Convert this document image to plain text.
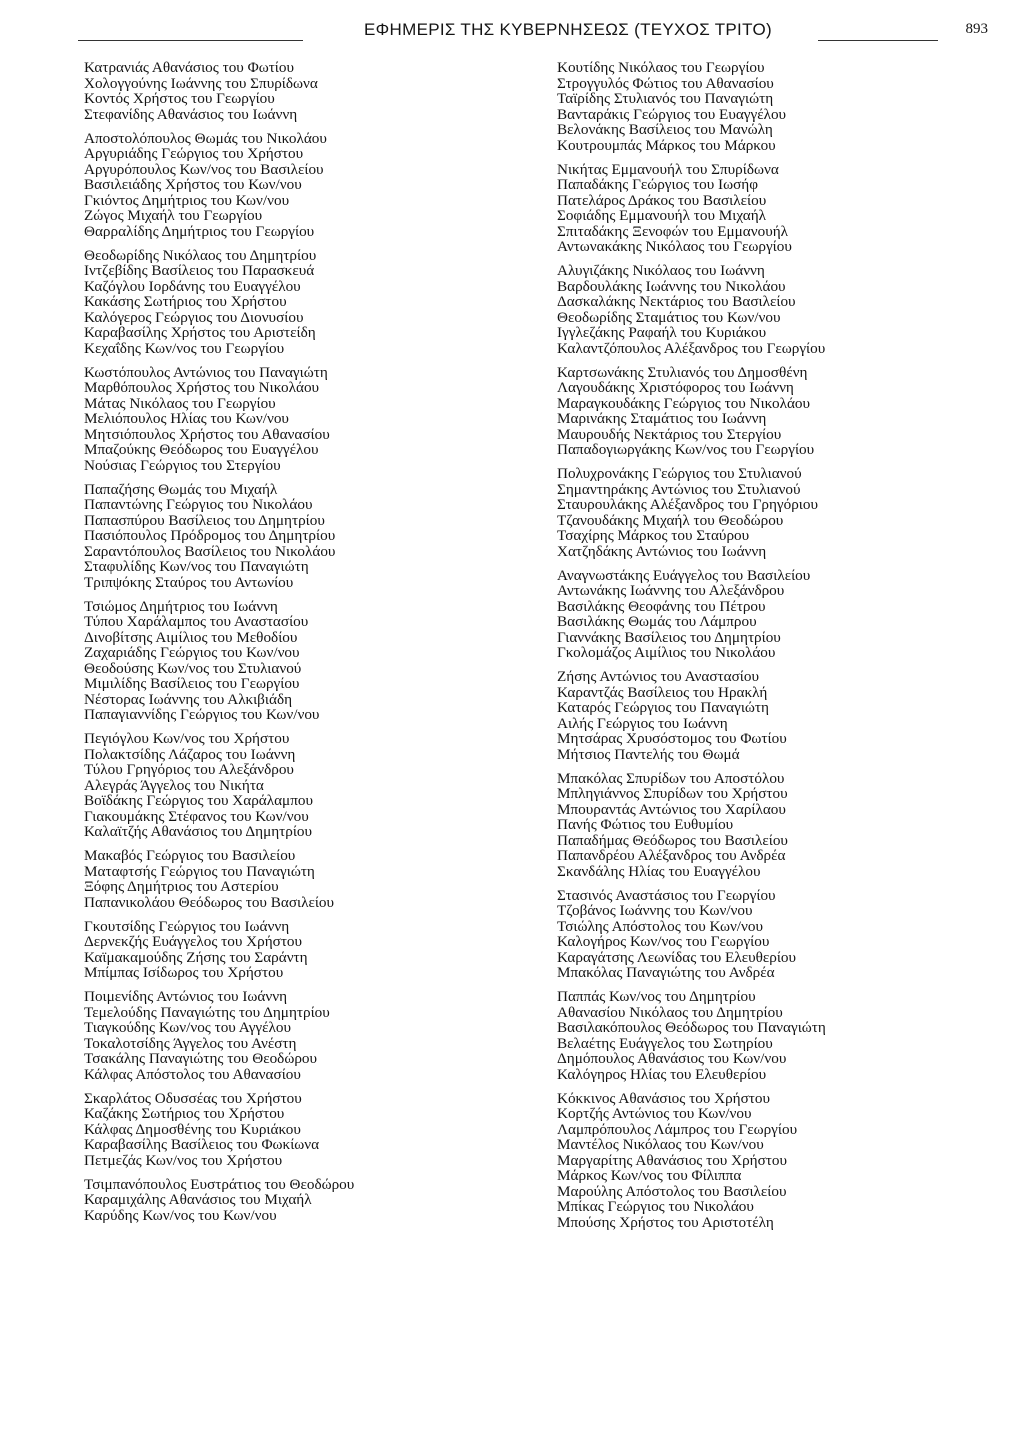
ΕΦΗΜΕΡΙΣ ΤΗΣ ΚΥΒΕΡΝΗΣΕΩΣ (ΤΕΥΧΟΣ ΤΡΙΤΟ)	893
Κατρανιάς Αθανάσιος του Φωτίου
Χολογγούνης Ιωάννης του Σπυρίδωνα
Κοντός Χρήστος του Γεωργίου
Στεφανίδης Αθανάσιος του Ιωάννη
Αποστολόπουλος Θωμάς του Νικολάου
Αργυριάδης Γεώργιος του Χρήστου
Αργυρόπουλος Κων/νος του Βασιλείου
Βασιλειάδης Χρήστος του Κων/νου
Γκιόντος Δημήτριος του Κων/νου
Ζώγος Μιχαήλ του Γεωργίου
Θαρραλίδης Δημήτριος του Γεωργίου
Θεοδωρίδης Νικόλαος του Δημητρίου
Ιντζεβίδης Βασίλειος του Παρασκευά
Καζόγλου Ιορδάνης του Ευαγγέλου
Κακάσης Σωτήριος του Χρήστου
Καλόγερος Γεώργιος του Διονυσίου
Καραβασίλης Χρήστος του Αριστείδη
Κεχαΐδης Κων/νος του Γεωργίου
Κωστόπουλος Αντώνιος του Παναγιώτη
Μαρθόπουλος Χρήστος του Νικολάου
Μάτας Νικόλαος του Γεωργίου
Μελιόπουλος Ηλίας του Κων/νου
Μητσιόπουλος Χρήστος του Αθανασίου
Μπαζούκης Θεόδωρος του Ευαγγέλου
Νούσιας Γεώργιος του Στεργίου
Παπαζήσης Θωμάς του Μιχαήλ
Παπαντώνης Γεώργιος του Νικολάου
Παπασπύρου Βασίλειος του Δημητρίου
Πασιόπουλος Πρόδρομος του Δημητρίου
Σαραντόπουλος Βασίλειος του Νικολάου
Σταφυλίδης Κων/νος του Παναγιώτη
Τριπψόκης Σταύρος του Αντωνίου
Τσιώμος Δημήτριος του Ιωάννη
Τύπου Χαράλαμπος του Αναστασίου
Δινοβίτσης Αιμίλιος του Μεθοδίου
Ζαχαριάδης Γεώργιος του Κων/νου
Θεοδούσης Κων/νος του Στυλιανού
Μιμιλίδης Βασίλειος του Γεωργίου
Νέστορας Ιωάννης του Αλκιβιάδη
Παπαγιαννίδης Γεώργιος του Κων/νου
Πεγιόγλου Κων/νος του Χρήστου
Πολακτσίδης Λάζαρος του Ιωάννη
Τύλου Γρηγόριος του Αλεξάνδρου
Αλεγράς Άγγελος του Νικήτα
Βοϊδάκης Γεώργιος του Χαράλαμπου
Γιακουμάκης Στέφανος του Κων/νου
Καλαϊτζής Αθανάσιος του Δημητρίου
Μακαβός Γεώργιος του Βασιλείου
Ματαφτσής Γεώργιος του Παναγιώτη
Ξόφης Δημήτριος του Αστερίου
Παπανικολάου Θεόδωρος του Βασιλείου
Γκουτσίδης Γεώργιος του Ιωάννη
Δερνεκζής Ευάγγελος του Χρήστου
Καϊμακαμούδης Ζήσης του Σαράντη
Μπίμπας Ισίδωρος του Χρήστου
Ποιμενίδης Αντώνιος του Ιωάννη
Τεμελούδης Παναγιώτης του Δημητρίου
Τιαγκούδης Κων/νος του Αγγέλου
Τοκαλοτσίδης Άγγελος του Ανέστη
Τσακάλης Παναγιώτης του Θεοδώρου
Κάλφας Απόστολος του Αθανασίου
Σκαρλάτος Οδυσσέας του Χρήστου
Καζάκης Σωτήριος του Χρήστου
Κάλφας Δημοσθένης του Κυριάκου
Καραβασίλης Βασίλειος του Φωκίωνα
Πετμεζάς Κων/νος του Χρήστου
Τσιμπανόπουλος Ευστράτιος του Θεοδώρου
Καραμιχάλης Αθανάσιος του Μιχαήλ
Καρύδης Κων/νος του Κων/νου
Κουτίδης Νικόλαος του Γεωργίου
Στρογγυλός Φώτιος του Αθανασίου
Ταϊρίδης Στυλιανός του Παναγιώτη
Βανταράκις Γεώργιος του Ευαγγέλου
Βελονάκης Βασίλειος του Μανώλη
Κουτρουμπάς Μάρκος του Μάρκου
Νικήτας Εμμανουήλ του Σπυρίδωνα
Παπαδάκης Γεώργιος του Ιωσήφ
Πατελάρος Δράκος του Βασιλείου
Σοφιάδης Εμμανουήλ του Μιχαήλ
Σπιταδάκης Ξενοφών του Εμμανουήλ
Αντωνακάκης Νικόλαος του Γεωργίου
Αλυγιζάκης Νικόλαος του Ιωάννη
Βαρδουλάκης Ιωάννης του Νικολάου
Δασκαλάκης Νεκτάριος του Βασιλείου
Θεοδωρίδης Σταμάτιος του Κων/νου
Ιγγλεζάκης Ραφαήλ του Κυριάκου
Καλαντζόπουλος Αλέξανδρος του Γεωργίου
Καρτσωνάκης Στυλιανός του Δημοσθένη
Λαγουδάκης Χριστόφορος του Ιωάννη
Μαραγκουδάκης Γεώργιος του Νικολάου
Μαρινάκης Σταμάτιος του Ιωάννη
Μαυρουδής Νεκτάριος του Στεργίου
Παπαδογιωργάκης Κων/νος του Γεωργίου
Πολυχρονάκης Γεώργιος του Στυλιανού
Σημαντηράκης Αντώνιος του Στυλιανού
Σταυρουλάκης Αλέξανδρος του Γρηγόριου
Τζανουδάκης Μιχαήλ του Θεοδώρου
Τσαχίρης Μάρκος του Σταύρου
Χατζηδάκης Αντώνιος του Ιωάννη
Αναγνωστάκης Ευάγγελος του Βασιλείου
Αντωνάκης Ιωάννης του Αλεξάνδρου
Βασιλάκης Θεοφάνης του Πέτρου
Βασιλάκης Θωμάς του Λάμπρου
Γιαννάκης Βασίλειος του Δημητρίου
Γκολομάζος Αιμίλιος του Νικολάου
Ζήσης Αντώνιος του Αναστασίου
Καραντζάς Βασίλειος του Ηρακλή
Καταρός Γεώργιος του Παναγιώτη
Αιλής Γεώργιος του Ιωάννη
Μητσάρας Χρυσόστομος του Φωτίου
Μήτσιος Παντελής του Θωμά
Μπακόλας Σπυρίδων του Αποστόλου
Μπληγιάννος Σπυρίδων του Χρήστου
Μπουραντάς Αντώνιος του Χαρίλαου
Πανής Φώτιος του Ευθυμίου
Παπαδήμας Θεόδωρος του Βασιλείου
Παπανδρέου Αλέξανδρος του Ανδρέα
Σκανδάλης Ηλίας του Ευαγγέλου
Στασινός Αναστάσιος του Γεωργίου
Τζοβάνος Ιωάννης του Κων/νου
Τσιώλης Απόστολος του Κων/νου
Καλογήρος Κων/νος του Γεωργίου
Καραγάτσης Λεωνίδας του Ελευθερίου
Μπακόλας Παναγιώτης του Ανδρέα
Παππάς Κων/νος του Δημητρίου
Αθανασίου Νικόλαος του Δημητρίου
Βασιλακόπουλος Θεόδωρος του Παναγιώτη
Βελαέτης Ευάγγελος του Σωτηρίου
Δημόπουλος Αθανάσιος του Κων/νου
Καλόγηρος Ηλίας του Ελευθερίου
Κόκκινος Αθανάσιος του Χρήστου
Κορτζής Αντώνιος του Κων/νου
Λαμπρόπουλος Λάμπρος του Γεωργίου
Μαντέλος Νικόλαος του Κων/νου
Μαργαρίτης Αθανάσιος του Χρήστου
Μάρκος Κων/νος του Φίλιππα
Μαρούλης Απόστολος του Βασιλείου
Μπίκας Γεώργιος του Νικολάου
Μπούσης Χρήστος του Αριστοτέλη
